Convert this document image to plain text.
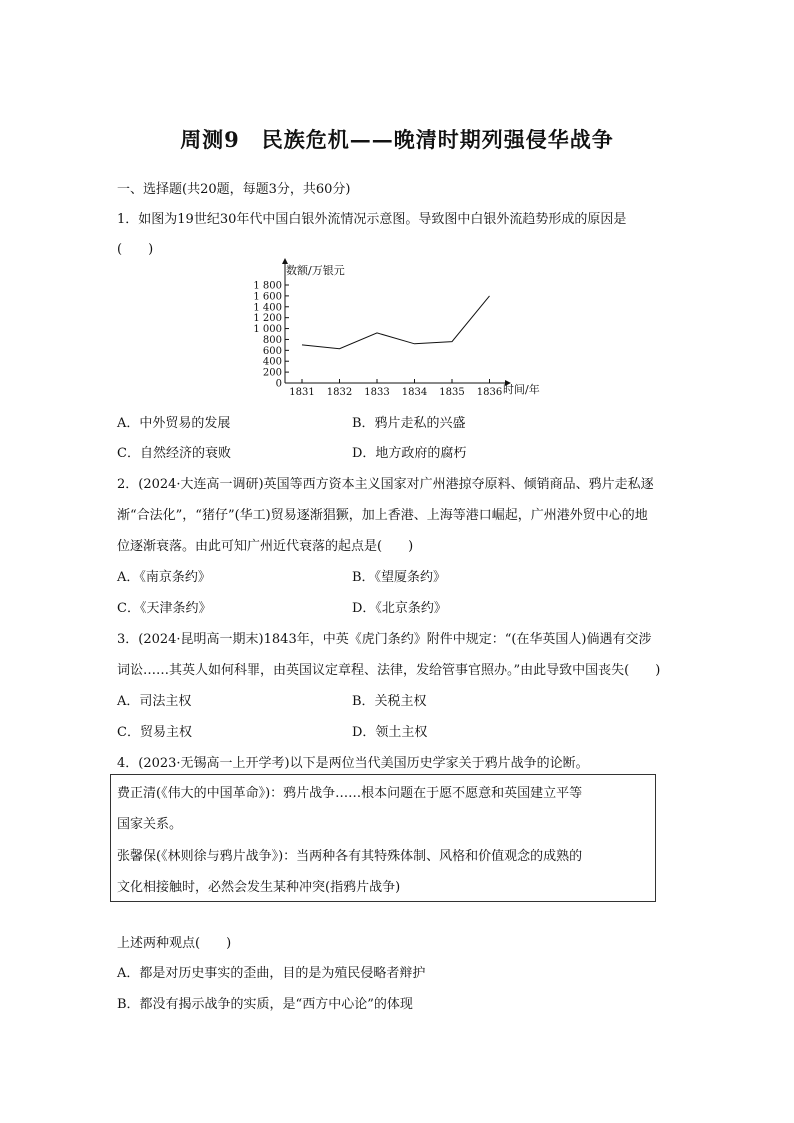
周测9　民族危机——晚清时期列强侵华战争
一、选择题(共20题，每题3分，共60分)
1．如图为19世纪30年代中国白银外流情况示意图。导致图中白银外流趋势形成的原因是
(　　)
数额/万银元
时间/年
0
200
400
600
800
1 000
1 200
1 400
1 600
1 800
1831 1832 1833 1834 1835 1836
A．中外贸易的发展	B．鸦片走私的兴盛
C．自然经济的衰败	D．地方政府的腐朽
2．(2024·大连高一调研)英国等西方资本主义国家对广州港掠夺原料、倾销商品、鸦片走私逐
渐“合法化”，“猪仔”(华工)贸易逐渐猖獗，加上香港、上海等港口崛起，广州港外贸中心的地
位逐渐衰落。由此可知广州近代衰落的起点是(　　)
A．《南京条约》	B．《望厦条约》
C．《天津条约》	D．《北京条约》
3．(2024·昆明高一期末)1843年，中英《虎门条约》附件中规定：“(在华英国人)倘遇有交涉
词讼……其英人如何科罪，由英国议定章程、法律，发给管事官照办。”由此导致中国丧失(　　)
A．司法主权	B．关税主权
C．贸易主权	D．领土主权
4．(2023·无锡高一上开学考)以下是两位当代美国历史学家关于鸦片战争的论断。
费正清(《伟大的中国革命》)：鸦片战争……根本问题在于愿不愿意和英国建立平等
国家关系。
张馨保(《林则徐与鸦片战争》)：当两种各有其特殊体制、风格和价值观念的成熟的
文化相接触时，必然会发生某种冲突(指鸦片战争)
上述两种观点(　　)
A．都是对历史事实的歪曲，目的是为殖民侵略者辩护
B．都没有揭示战争的实质，是“西方中心论”的体现
